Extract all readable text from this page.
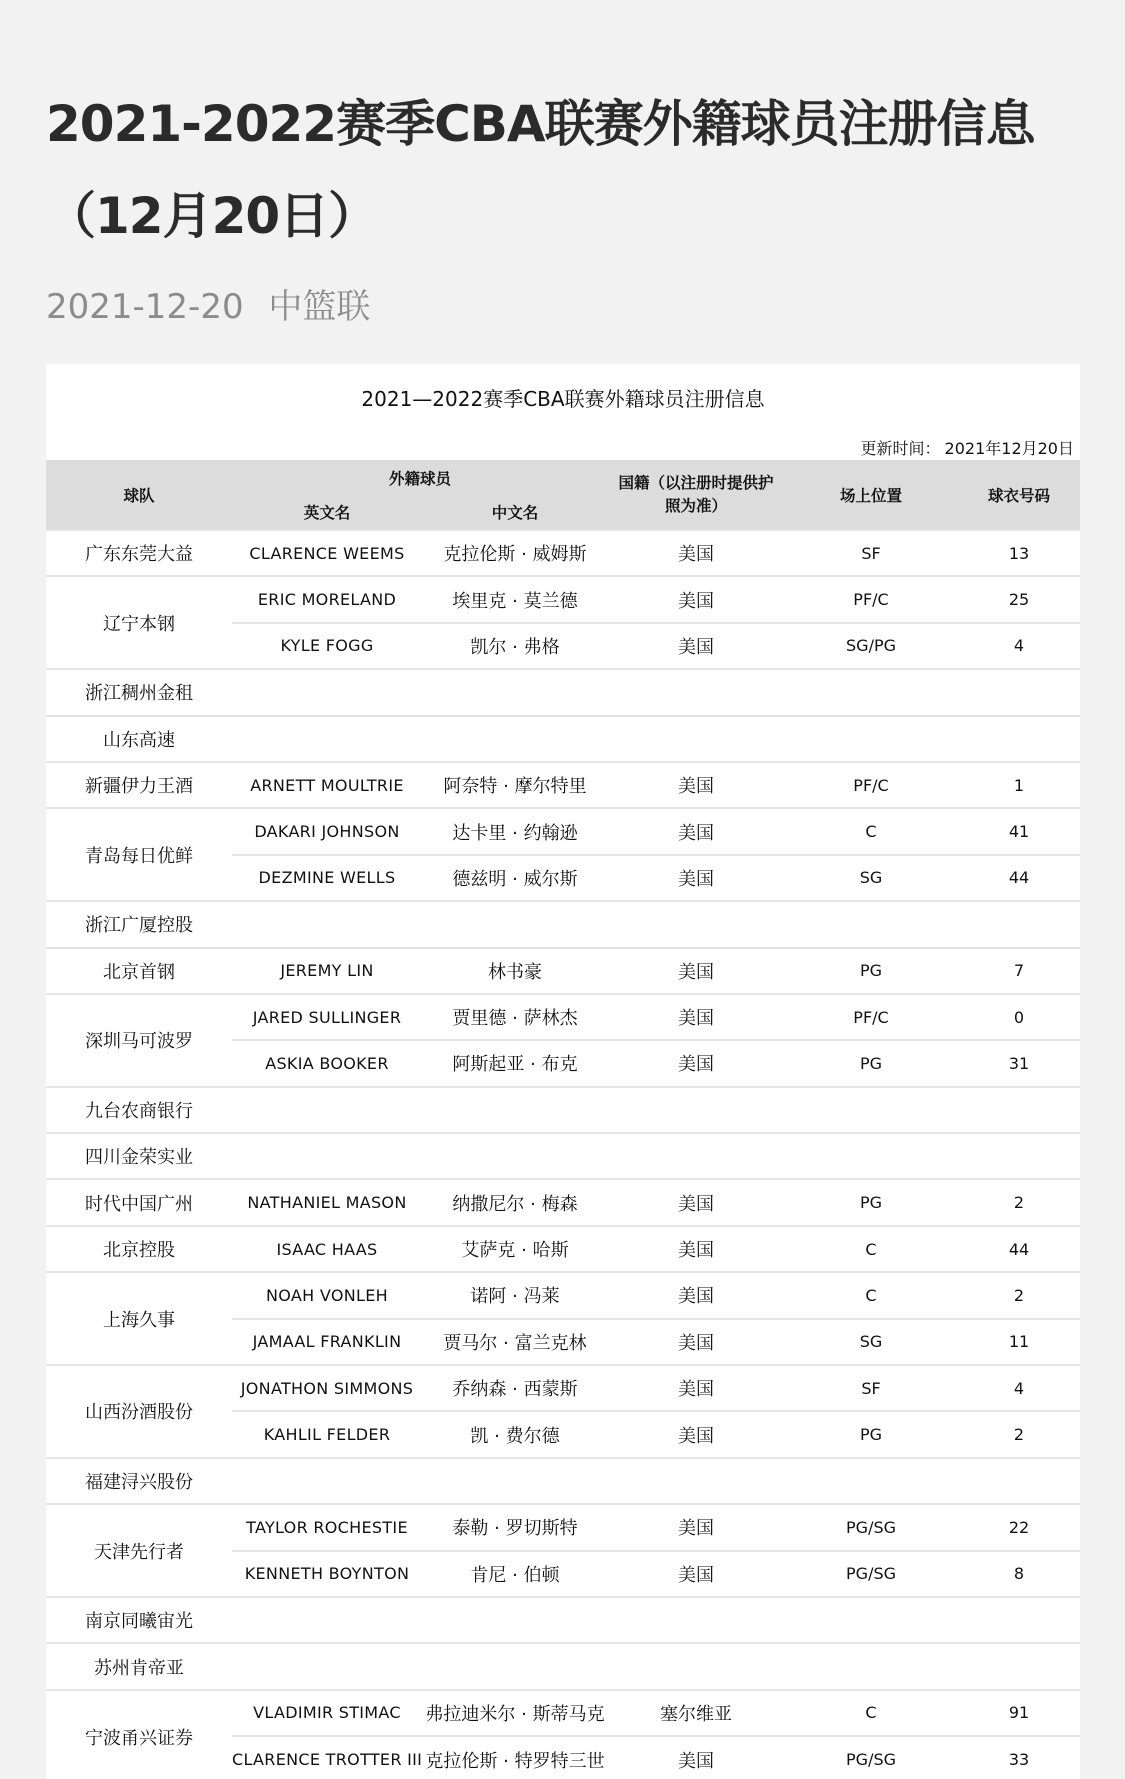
2021-2022赛季CBA联赛外籍球员注册信息（12月20日）
2021-12-20 中篮联
2021—2022赛季CBA联赛外籍球员注册信息
更新时间： 2021年12月20日
球队	外籍球员		国籍（以注册时提供护照为准）	场上位置	球衣号码
	英文名	中文名			
广东东莞大益	CLARENCE WEEMS	克拉伦斯 · 威姆斯	美国	SF	13
辽宁本钢	ERIC MORELAND	埃里克 · 莫兰德	美国	PF/C	25
	KYLE FOGG	凯尔 · 弗格	美国	SG/PG	4
浙江稠州金租					
山东高速					
新疆伊力王酒	ARNETT MOULTRIE	阿奈特 · 摩尔特里	美国	PF/C	1
青岛每日优鲜	DAKARI JOHNSON	达卡里 · 约翰逊	美国	C	41
	DEZMINE WELLS	德兹明 · 威尔斯	美国	SG	44
浙江广厦控股					
北京首钢	JEREMY LIN	林书豪	美国	PG	7
深圳马可波罗	JARED SULLINGER	贾里德 · 萨林杰	美国	PF/C	0
	ASKIA BOOKER	阿斯起亚 · 布克	美国	PG	31
九台农商银行					
四川金荣实业					
时代中国广州	NATHANIEL MASON	纳撒尼尔 · 梅森	美国	PG	2
北京控股	ISAAC HAAS	艾萨克 · 哈斯	美国	C	44
上海久事	NOAH VONLEH	诺阿 · 冯莱	美国	C	2
	JAMAAL FRANKLIN	贾马尔 · 富兰克林	美国	SG	11
山西汾酒股份	JONATHON SIMMONS	乔纳森 · 西蒙斯	美国	SF	4
	KAHLIL FELDER	凯 · 费尔德	美国	PG	2
福建浔兴股份					
天津先行者	TAYLOR ROCHESTIE	泰勒 · 罗切斯特	美国	PG/SG	22
	KENNETH BOYNTON	肯尼 · 伯顿	美国	PG/SG	8
南京同曦宙光					
苏州肯帝亚					
宁波甬兴证券	VLADIMIR STIMAC	弗拉迪米尔 · 斯蒂马克	塞尔维亚	C	91
	CLARENCE TROTTER III	克拉伦斯 · 特罗特三世	美国	PG/SG	33
